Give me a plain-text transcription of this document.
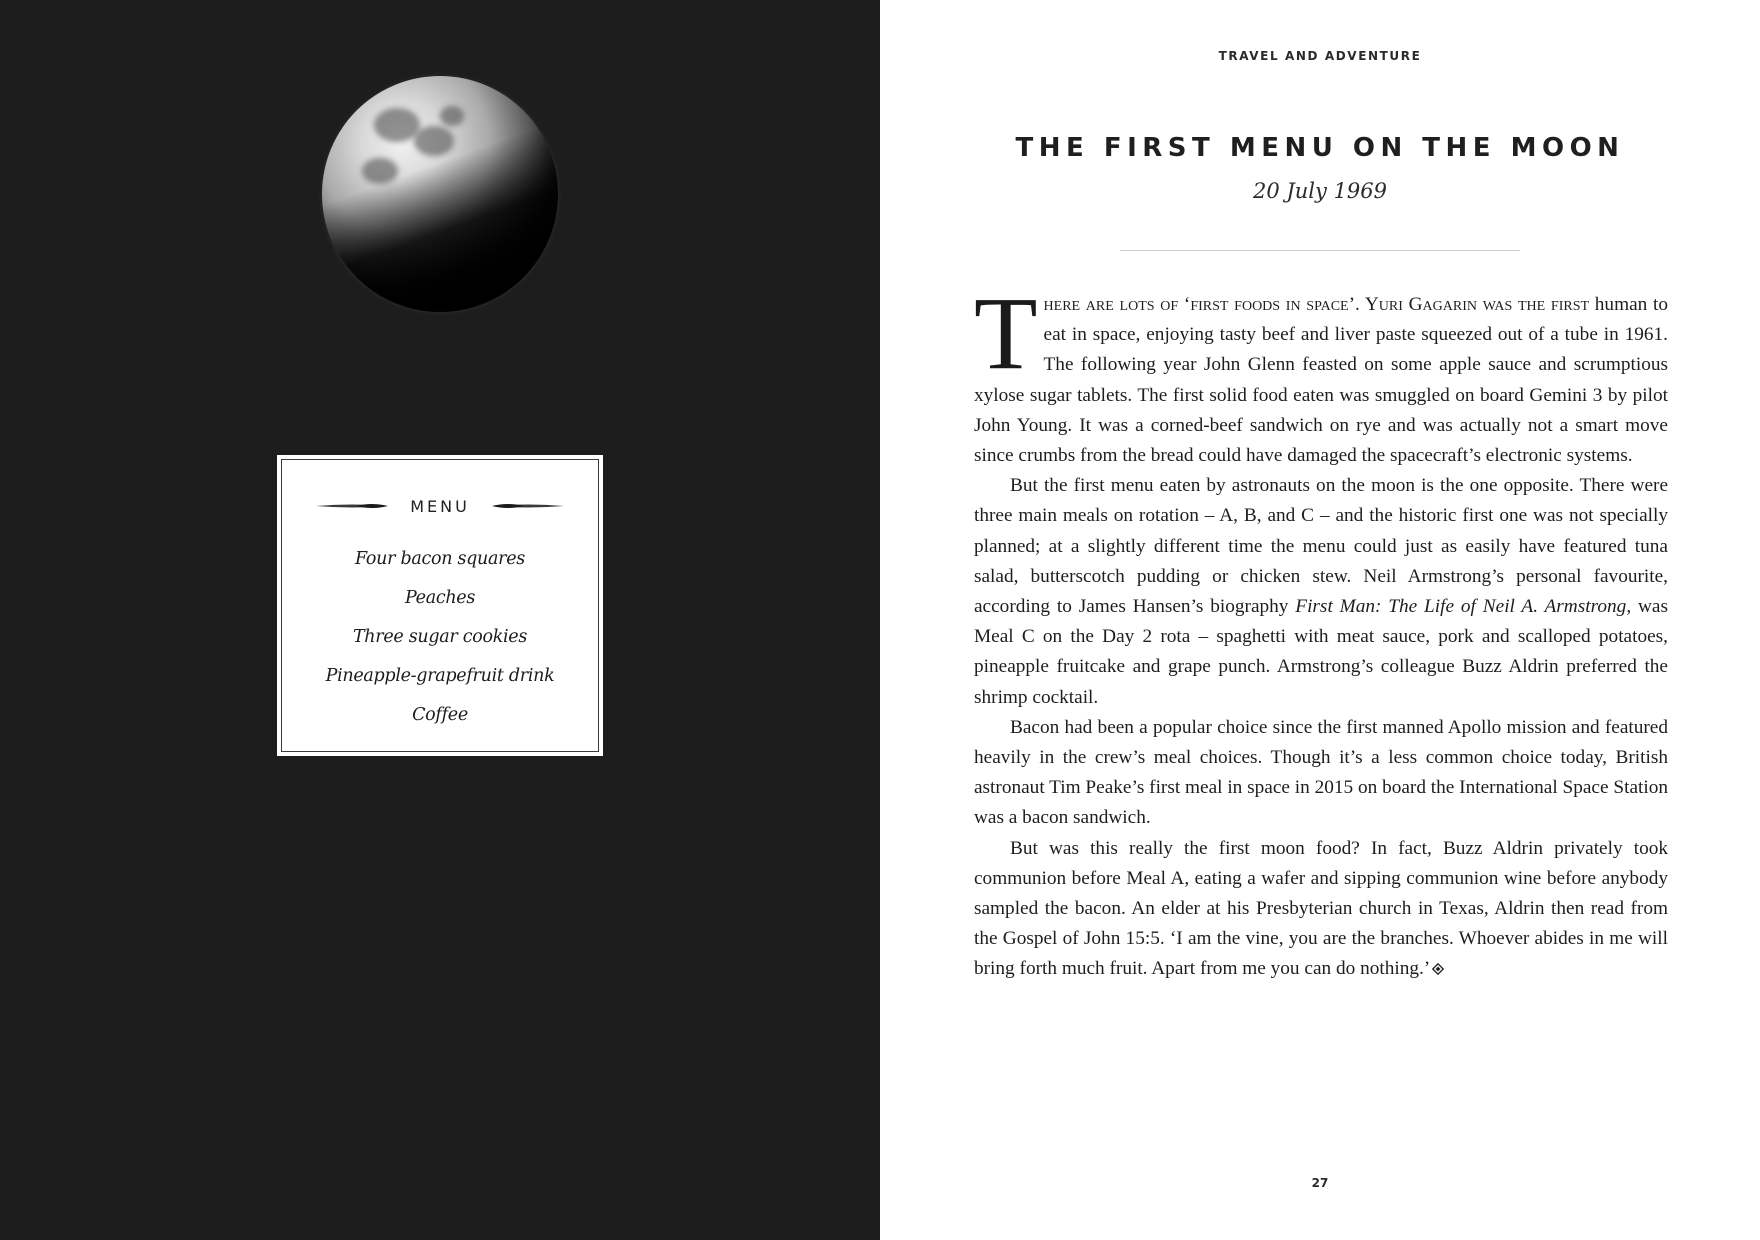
MENU
Four bacon squares
Peaches
Three sugar cookies
Pineapple-grapefruit drink
Coffee
TRAVEL AND ADVENTURE
THE FIRST MENU ON THE MOON
20 July 1969

There are lots of ‘first foods in space’. Yuri Gagarin was the first human to eat in space, enjoying tasty beef and liver paste squeezed out of a tube in 1961. The following year John Glenn feasted on some apple sauce and scrumptious xylose sugar tablets. The first solid food eaten was smuggled on board Gemini 3 by pilot John Young. It was a corned-beef sandwich on rye and was actually not a smart move since crumbs from the bread could have damaged the spacecraft’s electronic systems.

But the first menu eaten by astronauts on the moon is the one opposite. There were three main meals on rotation – A, B, and C – and the historic first one was not specially planned; at a slightly different time the menu could just as easily have featured tuna salad, butterscotch pudding or chicken stew. Neil Armstrong’s personal favourite, according to James Hansen’s biography First Man: The Life of Neil A. Armstrong, was Meal C on the Day 2 rota – spaghetti with meat sauce, pork and scalloped potatoes, pineapple fruitcake and grape punch. Armstrong’s colleague Buzz Aldrin preferred the shrimp cocktail.

Bacon had been a popular choice since the first manned Apollo mission and featured heavily in the crew’s meal choices. Though it’s a less common choice today, British astronaut Tim Peake’s first meal in space in 2015 on board the International Space Station was a bacon sandwich.

But was this really the first moon food? In fact, Buzz Aldrin privately took communion before Meal A, eating a wafer and sipping communion wine before anybody sampled the bacon. An elder at his Presbyterian church in Texas, Aldrin then read from the Gospel of John 15:5. ‘I am the vine, you are the branches. Whoever abides in me will bring forth much fruit. Apart from me you can do nothing.’

27
